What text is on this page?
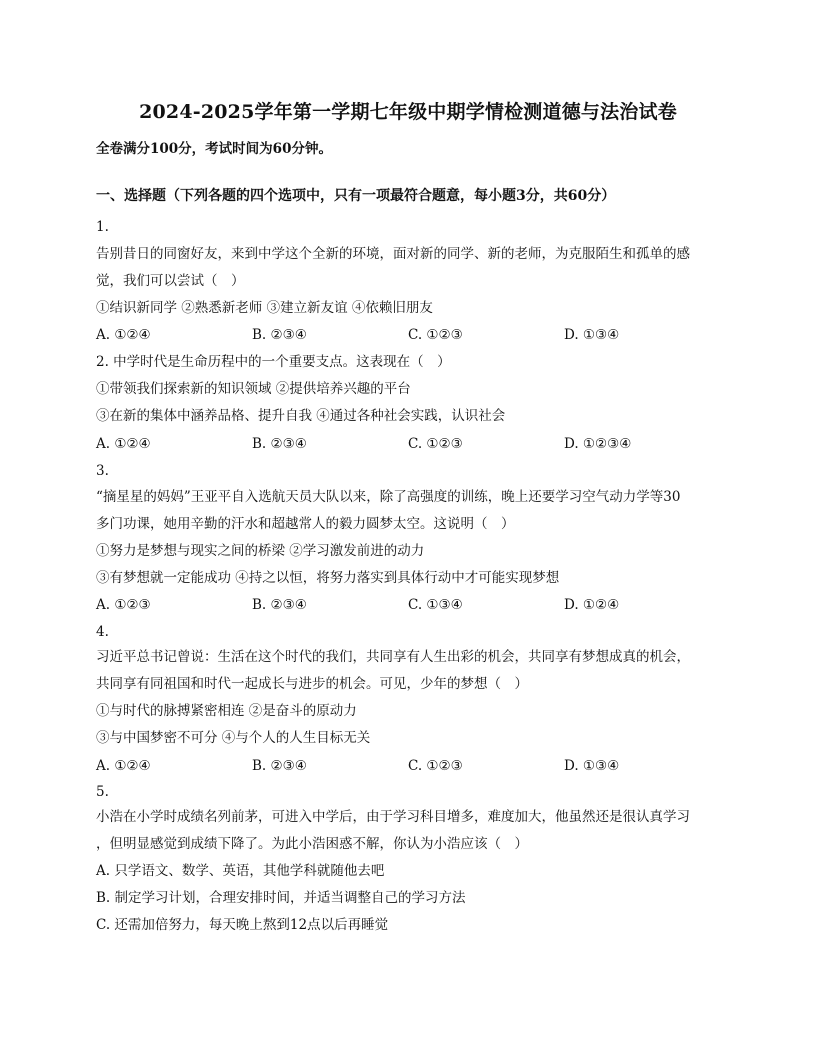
2024-2025学年第一学期七年级中期学情检测道德与法治试卷
全卷满分100分，考试时间为60分钟。
一、选择题（下列各题的四个选项中，只有一项最符合题意，每小题3分，共60分）
1.
告别昔日的同窗好友，来到中学这个全新的环境，面对新的同学、新的老师，为克服陌生和孤单的感
觉，我们可以尝试（　）
①结识新同学 ②熟悉新老师 ③建立新友谊 ④依赖旧朋友
A. ①②④	B. ②③④	C. ①②③	D. ①③④
2. 中学时代是生命历程中的一个重要支点。这表现在（　）
①带领我们探索新的知识领域 ②提供培养兴趣的平台
③在新的集体中涵养品格、提升自我 ④通过各种社会实践，认识社会
A. ①②④	B. ②③④	C. ①②③	D. ①②③④
3.
“摘星星的妈妈”王亚平自入选航天员大队以来，除了高强度的训练，晚上还要学习空气动力学等30
多门功课，她用辛勤的汗水和超越常人的毅力圆梦太空。这说明（　）
①努力是梦想与现实之间的桥梁 ②学习激发前进的动力
③有梦想就一定能成功 ④持之以恒，将努力落实到具体行动中才可能实现梦想
A. ①②③	B. ②③④	C. ①③④	D. ①②④
4.
习近平总书记曾说：生活在这个时代的我们，共同享有人生出彩的机会，共同享有梦想成真的机会，
共同享有同祖国和时代一起成长与进步的机会。可见，少年的梦想（　）
①与时代的脉搏紧密相连 ②是奋斗的原动力
③与中国梦密不可分 ④与个人的人生目标无关
A. ①②④	B. ②③④	C. ①②③	D. ①③④
5.
小浩在小学时成绩名列前茅，可进入中学后，由于学习科目增多，难度加大，他虽然还是很认真学习
，但明显感觉到成绩下降了。为此小浩困惑不解，你认为小浩应该（　）
A. 只学语文、数学、英语，其他学科就随他去吧
B. 制定学习计划，合理安排时间，并适当调整自己的学习方法
C. 还需加倍努力，每天晚上熬到12点以后再睡觉
